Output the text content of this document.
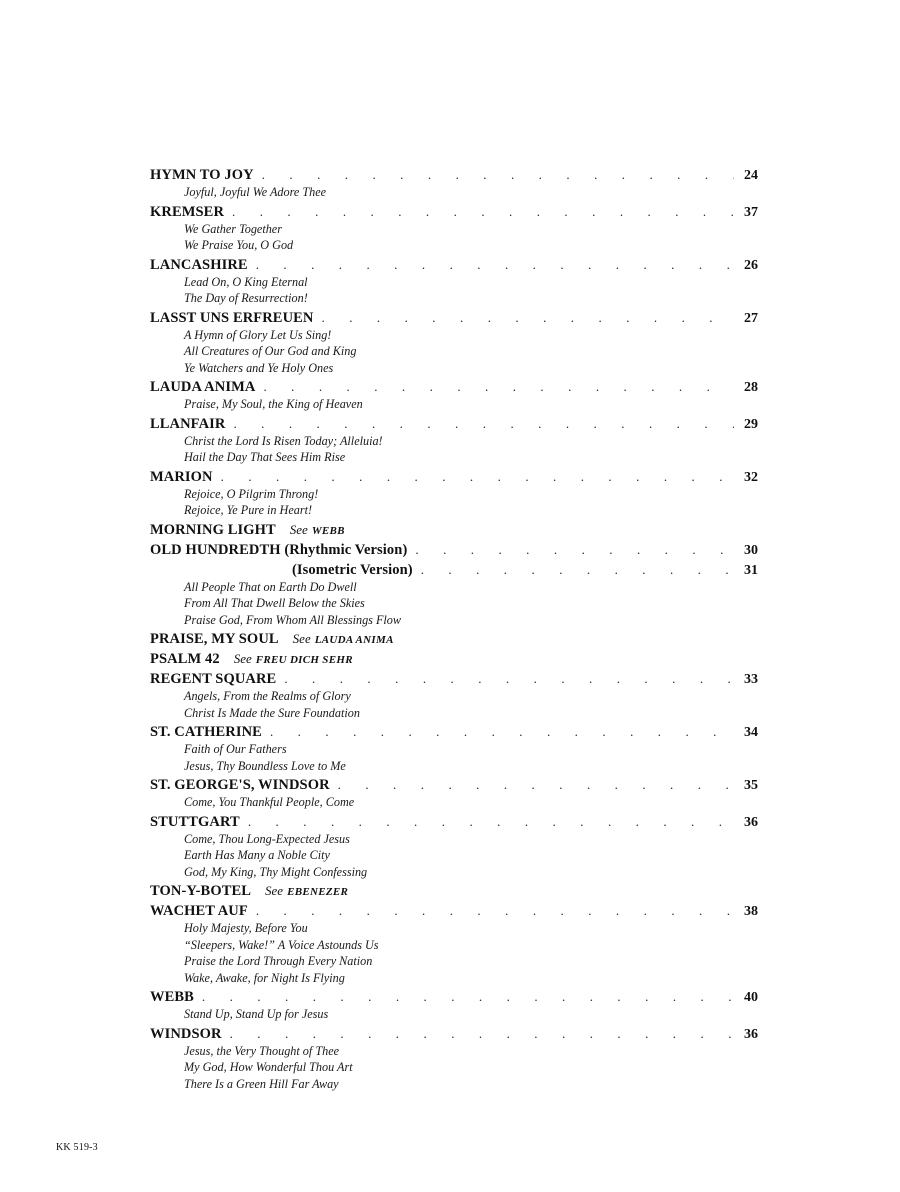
HYMN TO JOY . . .	24
Joyful, Joyful We Adore Thee
KREMSER . . .	37
We Gather Together
We Praise You, O God
LANCASHIRE . . .	26
Lead On, O King Eternal
The Day of Resurrection!
LASST UNS ERFREUEN . . .	27
A Hymn of Glory Let Us Sing!
All Creatures of Our God and King
Ye Watchers and Ye Holy Ones
LAUDA ANIMA . . .	28
Praise, My Soul, the King of Heaven
LLANFAIR . . .	29
Christ the Lord Is Risen Today; Alleluia!
Hail the Day That Sees Him Rise
MARION . . .	32
Rejoice, O Pilgrim Throng!
Rejoice, Ye Pure in Heart!
MORNING LIGHT See WEBB
OLD HUNDREDTH (Rhythmic Version) . . .	30
(Isometric Version) . . .	31
All People That on Earth Do Dwell
From All That Dwell Below the Skies
Praise God, From Whom All Blessings Flow
PRAISE, MY SOUL See LAUDA ANIMA
PSALM 42 See FREU DICH SEHR
REGENT SQUARE . . .	33
Angels, From the Realms of Glory
Christ Is Made the Sure Foundation
ST. CATHERINE . . .	34
Faith of Our Fathers
Jesus, Thy Boundless Love to Me
ST. GEORGE'S, WINDSOR . . .	35
Come, You Thankful People, Come
STUTTGART . . .	36
Come, Thou Long-Expected Jesus
Earth Has Many a Noble City
God, My King, Thy Might Confessing
TON-Y-BOTEL See EBENEZER
WACHET AUF . . .	38
Holy Majesty, Before You
“Sleepers, Wake!” A Voice Astounds Us
Praise the Lord Through Every Nation
Wake, Awake, for Night Is Flying
WEBB . . .	40
Stand Up, Stand Up for Jesus
WINDSOR . . .	36
Jesus, the Very Thought of Thee
My God, How Wonderful Thou Art
There Is a Green Hill Far Away
KK 519-3
